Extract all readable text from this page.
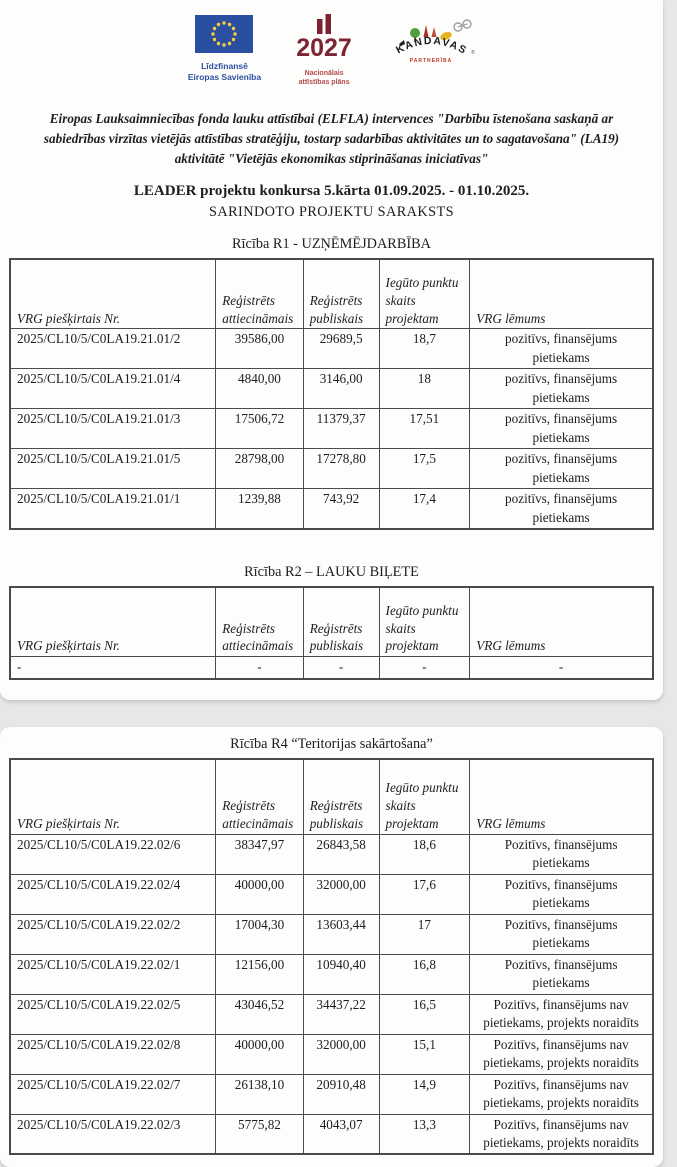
Līdzfinansē
Eiropas Savienība
2027
Nacionālais
attīstības plāns
KANDAVAS
PARTNERĪBA
®

Eiropas Lauksaimniecības fonda lauku attīstībai (ELFLA) intervences "Darbību īstenošana saskaņā ar sabiedrības virzītas vietējās attīstības stratēģiju, tostarp sadarbības aktivitātes un to sagatavošana" (LA19) aktivitātē "Vietējās ekonomikas stiprināšanas iniciatīvas"

LEADER projektu konkursa 5.kārta 01.09.2025. - 01.10.2025.
SARINDOTO PROJEKTU SARAKSTS
Rīcība R1 - UZŅĒMĒJDARBĪBA
VRG piešķirtais Nr.	Reģistrēts attiecināmais	Reģistrēts publiskais	Iegūto punktu skaits projektam	VRG lēmums
2025/CL10/5/C0LA19.21.01/2	39586,00	29689,5	18,7	pozitīvs, finansējums pietiekams
2025/CL10/5/C0LA19.21.01/4	4840,00	3146,00	18	pozitīvs, finansējums pietiekams
2025/CL10/5/C0LA19.21.01/3	17506,72	11379,37	17,51	pozitīvs, finansējums pietiekams
2025/CL10/5/C0LA19.21.01/5	28798,00	17278,80	17,5	pozitīvs, finansējums pietiekams
2025/CL10/5/C0LA19.21.01/1	1239,88	743,92	17,4	pozitīvs, finansējums pietiekams
Rīcība R2 – LAUKU BIĻETE
VRG piešķirtais Nr.	Reģistrēts attiecināmais	Reģistrēts publiskais	Iegūto punktu skaits projektam	VRG lēmums
-	-	-	-	-
Rīcība R4 “Teritorijas sakārtošana”
VRG piešķirtais Nr.	Reģistrēts attiecināmais	Reģistrēts publiskais	Iegūto punktu skaits projektam	VRG lēmums
2025/CL10/5/C0LA19.22.02/6	38347,97	26843,58	18,6	Pozitīvs, finansējums pietiekams
2025/CL10/5/C0LA19.22.02/4	40000,00	32000,00	17,6	Pozitīvs, finansējums pietiekams
2025/CL10/5/C0LA19.22.02/2	17004,30	13603,44	17	Pozitīvs, finansējums pietiekams
2025/CL10/5/C0LA19.22.02/1	12156,00	10940,40	16,8	Pozitīvs, finansējums pietiekams
2025/CL10/5/C0LA19.22.02/5	43046,52	34437,22	16,5	Pozitīvs, finansējums nav pietiekams, projekts noraidīts
2025/CL10/5/C0LA19.22.02/8	40000,00	32000,00	15,1	Pozitīvs, finansējums nav pietiekams, projekts noraidīts
2025/CL10/5/C0LA19.22.02/7	26138,10	20910,48	14,9	Pozitīvs, finansējums nav pietiekams, projekts noraidīts
2025/CL10/5/C0LA19.22.02/3	5775,82	4043,07	13,3	Pozitīvs, finansējums nav pietiekams, projekts noraidīts
